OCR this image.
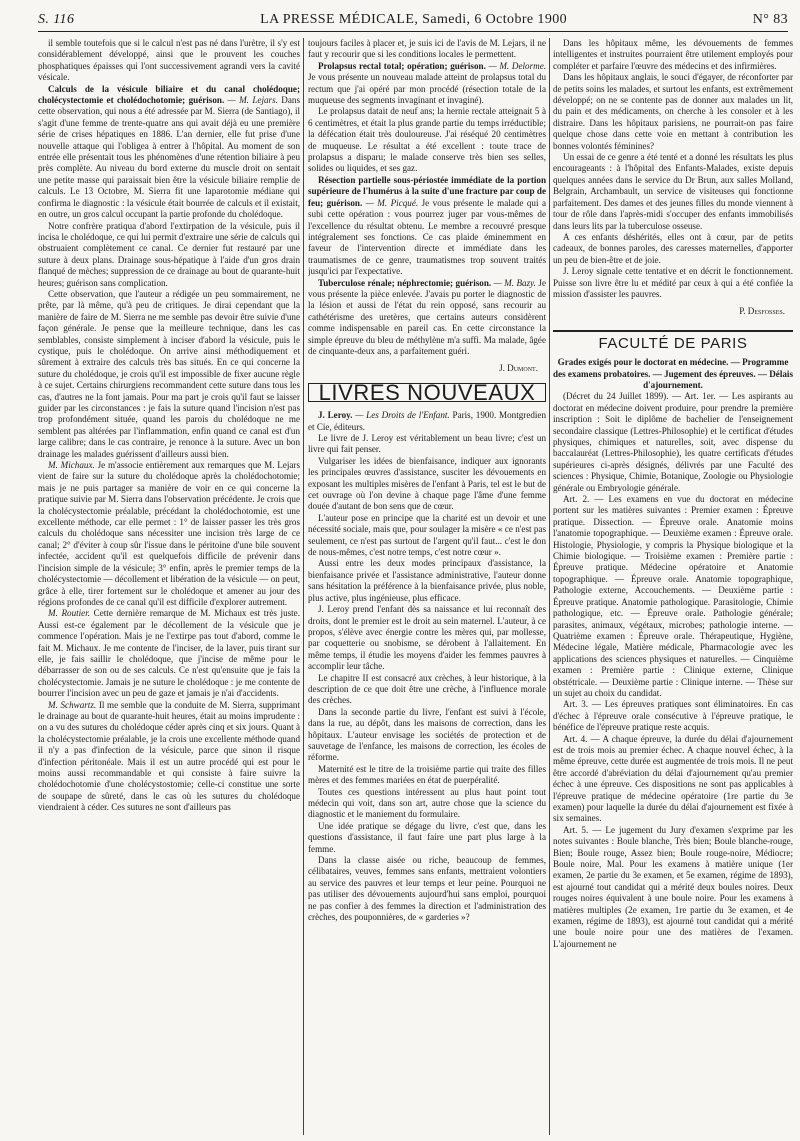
S. 116	LA PRESSE MÉDICALE, Samedi, 6 Octobre 1900	N° 83

il semble toutefois que si le calcul n'est pas né dans l'urètre, il s'y est considérablement développé, ainsi que le prouvent les couches phosphatiques épaisses qui l'ont successivement agrandi vers la cavité vésicale.

Calculs de la vésicule biliaire et du canal cholédoque; cholécystectomie et cholédochotomie; guérison. — M. Lejars. Dans cette observation, qui nous a été adressée par M. Sierra (de Santiago), il s'agit d'une femme de trente-quatre ans qui avait déjà eu une première série de crises hépatiques en 1886. L'an dernier, elle fut prise d'une nouvelle attaque qui l'obligea à entrer à l'hôpital. Au moment de son entrée elle présentait tous les phénomènes d'une rétention biliaire à peu près complète. Au niveau du bord externe du muscle droit on sentait une petite masse qui paraissait bien être la vésicule biliaire remplie de calculs. Le 13 Octobre, M. Sierra fit une laparotomie médiane qui confirma le diagnostic : la vésicule était bourrée de calculs et il existait, en outre, un gros calcul occupant la partie profonde du cholédoque.

Notre confrère pratiqua d'abord l'extirpation de la vésicule, puis il incisa le cholédoque, ce qui lui permit d'extraire une série de calculs qui obstruaient complètement ce canal. Ce dernier fut restauré par une suture à deux plans. Drainage sous-hépatique à l'aide d'un gros drain flanqué de mèches; suppression de ce drainage au bout de quarante-huit heures; guérison sans complication.

Cette observation, que l'auteur a rédigée un peu sommairement, ne prête, par là même, qu'à peu de critiques. Je dirai cependant que la manière de faire de M. Sierra ne me semble pas devoir être suivie d'une façon générale. Je pense que la meilleure technique, dans les cas semblables, consiste simplement à inciser d'abord la vésicule, puis le cystique, puis le cholédoque. On arrive ainsi méthodiquement et sûrement à extraire des calculs très bas situés. En ce qui concerne la suture du cholédoque, je crois qu'il est impossible de fixer aucune règle à ce sujet. Certains chirurgiens recommandent cette suture dans tous les cas, d'autres ne la font jamais. Pour ma part je crois qu'il faut se laisser guider par les circonstances : je fais la suture quand l'incision n'est pas trop profondément située, quand les parois du cholédoque ne me semblent pas altérées par l'inflammation, enfin quand ce canal est d'un large calibre; dans le cas contraire, je renonce à la suture. Avec un bon drainage les malades guérissent d'ailleurs aussi bien.

M. Michaux. Je m'associe entièrement aux remarques que M. Lejars vient de faire sur la suture du cholédoque après la cholédochotomie; mais je ne puis partager sa manière de voir en ce qui concerne la pratique suivie par M. Sierra dans l'observation précédente. Je crois que la cholécystectomie préalable, précédant la cholédochotomie, est une excellente méthode, car elle permet : 1° de laisser passer les très gros calculs du cholédoque sans nécessiter une incision très large de ce canal; 2° d'éviter à coup sûr l'issue dans le péritoine d'une bile souvent infectée, accident qu'il est quelquefois difficile de prévenir dans l'incision simple de la vésicule; 3° enfin, après le premier temps de la cholécystectomie — décollement et libération de la vésicule — on peut, grâce à elle, tirer fortement sur le cholédoque et amener au jour des régions profondes de ce canal qu'il est difficile d'explorer autrement.

M. Routier. Cette dernière remarque de M. Michaux est très juste. Aussi est-ce également par le décollement de la vésicule que je commence l'opération. Mais je ne l'extirpe pas tout d'abord, comme le fait M. Michaux. Je me contente de l'inciser, de la laver, puis tirant sur elle, je fais saillir le cholédoque, que j'incise de même pour le débarrasser de son ou de ses calculs. Ce n'est qu'ensuite que je fais la cholécystectomie. Jamais je ne suture le cholédoque : je me contente de bourrer l'incision avec un peu de gaze et jamais je n'ai d'accidents.

M. Schwartz. Il me semble que la conduite de M. Sierra, supprimant le drainage au bout de quarante-huit heures, était au moins imprudente : on a vu des sutures du cholédoque céder après cinq et six jours. Quant à la cholécystectomie préalable, je la crois une excellente méthode quand il n'y a pas d'infection de la vésicule, parce que sinon il risque d'infection péritonéale. Mais il est un autre procédé qui est pour le moins aussi recommandable et qui consiste à faire suivre la cholédochotomie d'une cholécystostomie; celle-ci constitue une sorte de soupape de sûreté, dans le cas où les sutures du cholédoque viendraient à céder. Ces sutures ne sont d'ailleurs pas

toujours faciles à placer et, je suis ici de l'avis de M. Lejars, il ne faut y recourir que si les conditions locales le permettent.

Prolapsus rectal total; opération; guérison. — M. Delorme. Je vous présente un nouveau malade atteint de prolapsus total du rectum que j'ai opéré par mon procédé (résection totale de la muqueuse des segments invaginant et invaginé).

Le prolapsus datait de neuf ans; la hernie rectale atteignait 5 à 6 centimètres, et était la plus grande partie du temps irréductible; la défécation était très douloureuse. J'ai réséqué 20 centimètres de muqueuse. Le résultat a été excellent : toute trace de prolapsus a disparu; le malade conserve très bien ses selles, solides ou liquides, et ses gaz.

Résection partielle sous-périostée immédiate de la portion supérieure de l'humérus à la suite d'une fracture par coup de feu; guérison. — M. Picqué. Je vous présente le malade qui a subi cette opération : vous pourrez juger par vous-mêmes de l'excellence du résultat obtenu. Le membre a recouvré presque intégralement ses fonctions. Ce cas plaide éminemment en faveur de l'intervention directe et immédiate dans les traumatismes de ce genre, traumatismes trop souvent traités jusqu'ici par l'expectative.

Tuberculose rénale; néphrectomie; guérison. — M. Bazy. Je vous présente la pièce enlevée. J'avais pu porter le diagnostic de la lésion et aussi de l'état du rein opposé, sans recourir au cathétérisme des uretères, que certains auteurs considèrent comme indispensable en pareil cas. En cette circonstance la simple épreuve du bleu de méthylène m'a suffi. Ma malade, âgée de cinquante-deux ans, a parfaitement guéri.

J. Dumont.
LIVRES NOUVEAUX

J. Leroy. — Les Droits de l'Enfant. Paris, 1900. Montgredien et Cie, éditeurs.

Le livre de J. Leroy est véritablement un beau livre; c'est un livre qui fait penser.

Vulgariser les idées de bienfaisance, indiquer aux ignorants les principales œuvres d'assistance, susciter les dévouements en exposant les multiples misères de l'enfant à Paris, tel est le but de cet ouvrage où l'on devine à chaque page l'âme d'une femme douée d'autant de bon sens que de cœur.

L'auteur pose en principe que la charité est un devoir et une nécessité sociale, mais que, pour soulager la misère « ce n'est pas seulement, ce n'est pas surtout de l'argent qu'il faut... c'est le don de nous-mêmes, c'est notre temps, c'est notre cœur ».

Aussi entre les deux modes principaux d'assistance, la bienfaisance privée et l'assistance administrative, l'auteur donne sans hésitation la préférence à la bienfaisance privée, plus noble, plus active, plus ingénieuse, plus efficace.

J. Leroy prend l'enfant dès sa naissance et lui reconnaît des droits, dont le premier est le droit au sein maternel. L'auteur, à ce propos, s'élève avec énergie contre les mères qui, par mollesse, par coquetterie ou snobisme, se dérobent à l'allaitement. En même temps, il étudie les moyens d'aider les femmes pauvres à accomplir leur tâche.

Le chapitre II est consacré aux crèches, à leur historique, à la description de ce que doit être une crèche, à l'influence morale des crèches.

Dans la seconde partie du livre, l'enfant est suivi à l'école, dans la rue, au dépôt, dans les maisons de correction, dans les hôpitaux. L'auteur envisage les sociétés de protection et de sauvetage de l'enfance, les maisons de correction, les écoles de réforme.

Maternité est le titre de la troisième partie qui traite des filles mères et des femmes mariées en état de puerpéralité.

Toutes ces questions intéressent au plus haut point tout médecin qui voit, dans son art, autre chose que la science du diagnostic et le maniement du formulaire.

Une idée pratique se dégage du livre, c'est que, dans les questions d'assistance, il faut faire une part plus large à la femme.

Dans la classe aisée ou riche, beaucoup de femmes, célibataires, veuves, femmes sans enfants, mettraient volontiers au service des pauvres et leur temps et leur peine. Pourquoi ne pas utiliser des dévouements aujourd'hui sans emploi, pourquoi ne pas confier à des femmes la direction et l'administration des crèches, des pouponnières, de « garderies »?

Dans les hôpitaux même, les dévouements de femmes intelligentes et instruites pourraient être utilement employés pour compléter et parfaire l'œuvre des médecins et des infirmières.

Dans les hôpitaux anglais, le souci d'égayer, de réconforter par de petits soins les malades, et surtout les enfants, est extrêmement développé; on ne se contente pas de donner aux malades un lit, du pain et des médicaments, on cherche à les consoler et à les distraire. Dans les hôpitaux parisiens, ne pourrait-on pas faire quelque chose dans cette voie en mettant à contribution les bonnes volontés féminines?

Un essai de ce genre a été tenté et a donné les résultats les plus encourageants : à l'hôpital des Enfants-Malades, existe depuis quelques années dans le service du Dr Brun, aux salles Molland, Belgrain, Archambault, un service de visiteuses qui fonctionne parfaitement. Des dames et des jeunes filles du monde viennent à tour de rôle dans l'après-midi s'occuper des enfants immobilisés dans leurs lits par la tuberculose osseuse.

A ces enfants déshérités, elles ont à cœur, par de petits cadeaux, de bonnes paroles, des caresses maternelles, d'apporter un peu de bien-être et de joie.

J. Leroy signale cette tentative et en décrit le fonctionnement. Puisse son livre être lu et médité par ceux à qui a été confiée la mission d'assister les pauvres.

P. Desfosses.
FACULTÉ DE PARIS

Grades exigés pour le doctorat en médecine. — Programme des examens probatoires. — Jugement des épreuves. — Délais d'ajournement.

(Décret du 24 Juillet 1899). — Art. 1er. — Les aspirants au doctorat en médecine doivent produire, pour prendre la première inscription : Soit le diplôme de bachelier de l'enseignement secondaire classique (Lettres-Philosophie) et le certificat d'études physiques, chimiques et naturelles, soit, avec dispense du baccalauréat (Lettres-Philosophie), les quatre certificats d'études supérieures ci-après désignés, délivrés par une Faculté des sciences : Physique, Chimie, Botanique, Zoologie ou Physiologie générale ou Embryologie générale.

Art. 2. — Les examens en vue du doctorat en médecine portent sur les matières suivantes : Premier examen : Épreuve pratique. Dissection. — Épreuve orale. Anatomie moins l'anatomie topographique. — Deuxième examen : Épreuve orale. Histologie, Physiologie, y compris la Physique biologique et la Chimie biologique. — Troisième examen : Première partie : Épreuve pratique. Médecine opératoire et Anatomie topographique. — Épreuve orale. Anatomie topographique, Pathologie externe, Accouchements. — Deuxième partie : Épreuve pratique. Anatomie pathologique. Parasitologie, Chimie pathologique, etc. — Épreuve orale. Pathologie générale; parasites, animaux, végétaux, microbes; pathologie interne. — Quatrième examen : Épreuve orale. Thérapeutique, Hygiène, Médecine légale, Matière médicale, Pharmacologie avec les applications des sciences physiques et naturelles. — Cinquième examen : Première partie : Clinique externe, Clinique obstétricale. — Deuxième partie : Clinique interne. — Thèse sur un sujet au choix du candidat.

Art. 3. — Les épreuves pratiques sont éliminatoires. En cas d'échec à l'épreuve orale consécutive à l'épreuve pratique, le bénéfice de l'épreuve pratique reste acquis.

Art. 4. — A chaque épreuve, la durée du délai d'ajournement est de trois mois au premier échec. A chaque nouvel échec, à la même épreuve, cette durée est augmentée de trois mois. Il ne peut être accordé d'abréviation du délai d'ajournement qu'au premier échec à une épreuve. Ces dispositions ne sont pas applicables à l'épreuve pratique de médecine opératoire (1re partie du 3e examen) pour laquelle la durée du délai d'ajournement est fixée à six semaines.

Art. 5. — Le jugement du Jury d'examen s'exprime par les notes suivantes : Boule blanche, Très bien; Boule blanche-rouge, Bien; Boule rouge, Assez bien; Boule rouge-noire, Médiocre; Boule noire, Mal. Pour les examens à matière unique (1er examen, 2e partie du 3e examen, et 5e examen, régime de 1893), est ajourné tout candidat qui a mérité deux boules noires. Deux rouges noires équivalent à une boule noire. Pour les examens à matières multiples (2e examen, 1re partie du 3e examen, et 4e examen, régime de 1893), est ajourné tout candidat qui a mérité une boule noire pour une des matières de l'examen. L'ajournement ne
